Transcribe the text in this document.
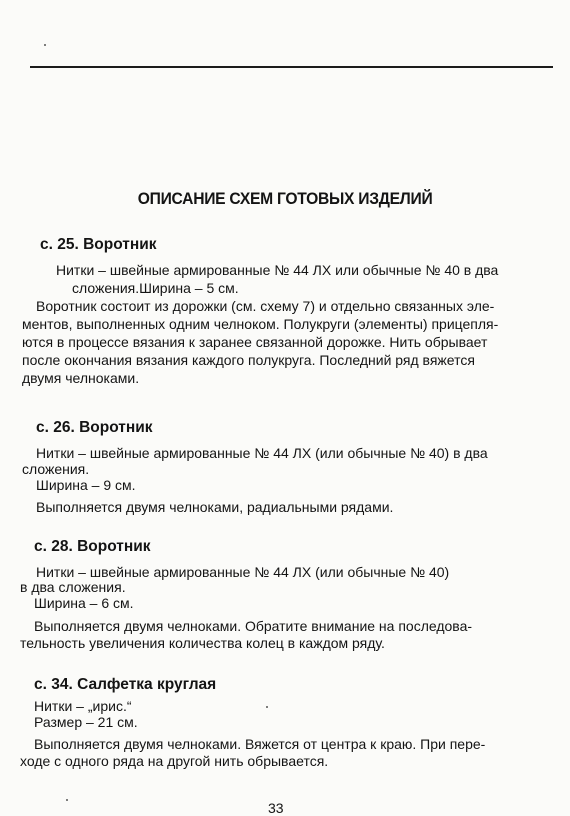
ОПИСАНИЕ СХЕМ ГОТОВЫХ ИЗДЕЛИЙ
с. 25. Воротник
Нитки – швейные армированные № 44 ЛХ или обычные № 40 в два
сложения.Ширина – 5 см.
Воротник состоит из дорожки (см. схему 7) и отдельно связанных эле-
ментов, выполненных одним челноком. Полукруги (элементы) прицепля-
ются в процессе вязания к заранее связанной дорожке. Нить обрывает
после окончания вязания каждого полукруга. Последний ряд вяжется
двумя челноками.
с. 26. Воротник
Нитки – швейные армированные № 44 ЛХ (или обычные № 40) в два
сложения.
Ширина – 9 см.
Выполняется двумя челноками, радиальными рядами.
с. 28. Воротник
Нитки – швейные армированные № 44 ЛХ (или обычные № 40)
в два сложения.
Ширина – 6 см.
Выполняется двумя челноками. Обратите внимание на последова-
тельность увеличения количества колец в каждом ряду.
с. 34. Салфетка круглая
Нитки – „ирис.“
Размер – 21 см.
Выполняется двумя челноками. Вяжется от центра к краю. При пере-
ходе с одного ряда на другой нить обрывается.
33
